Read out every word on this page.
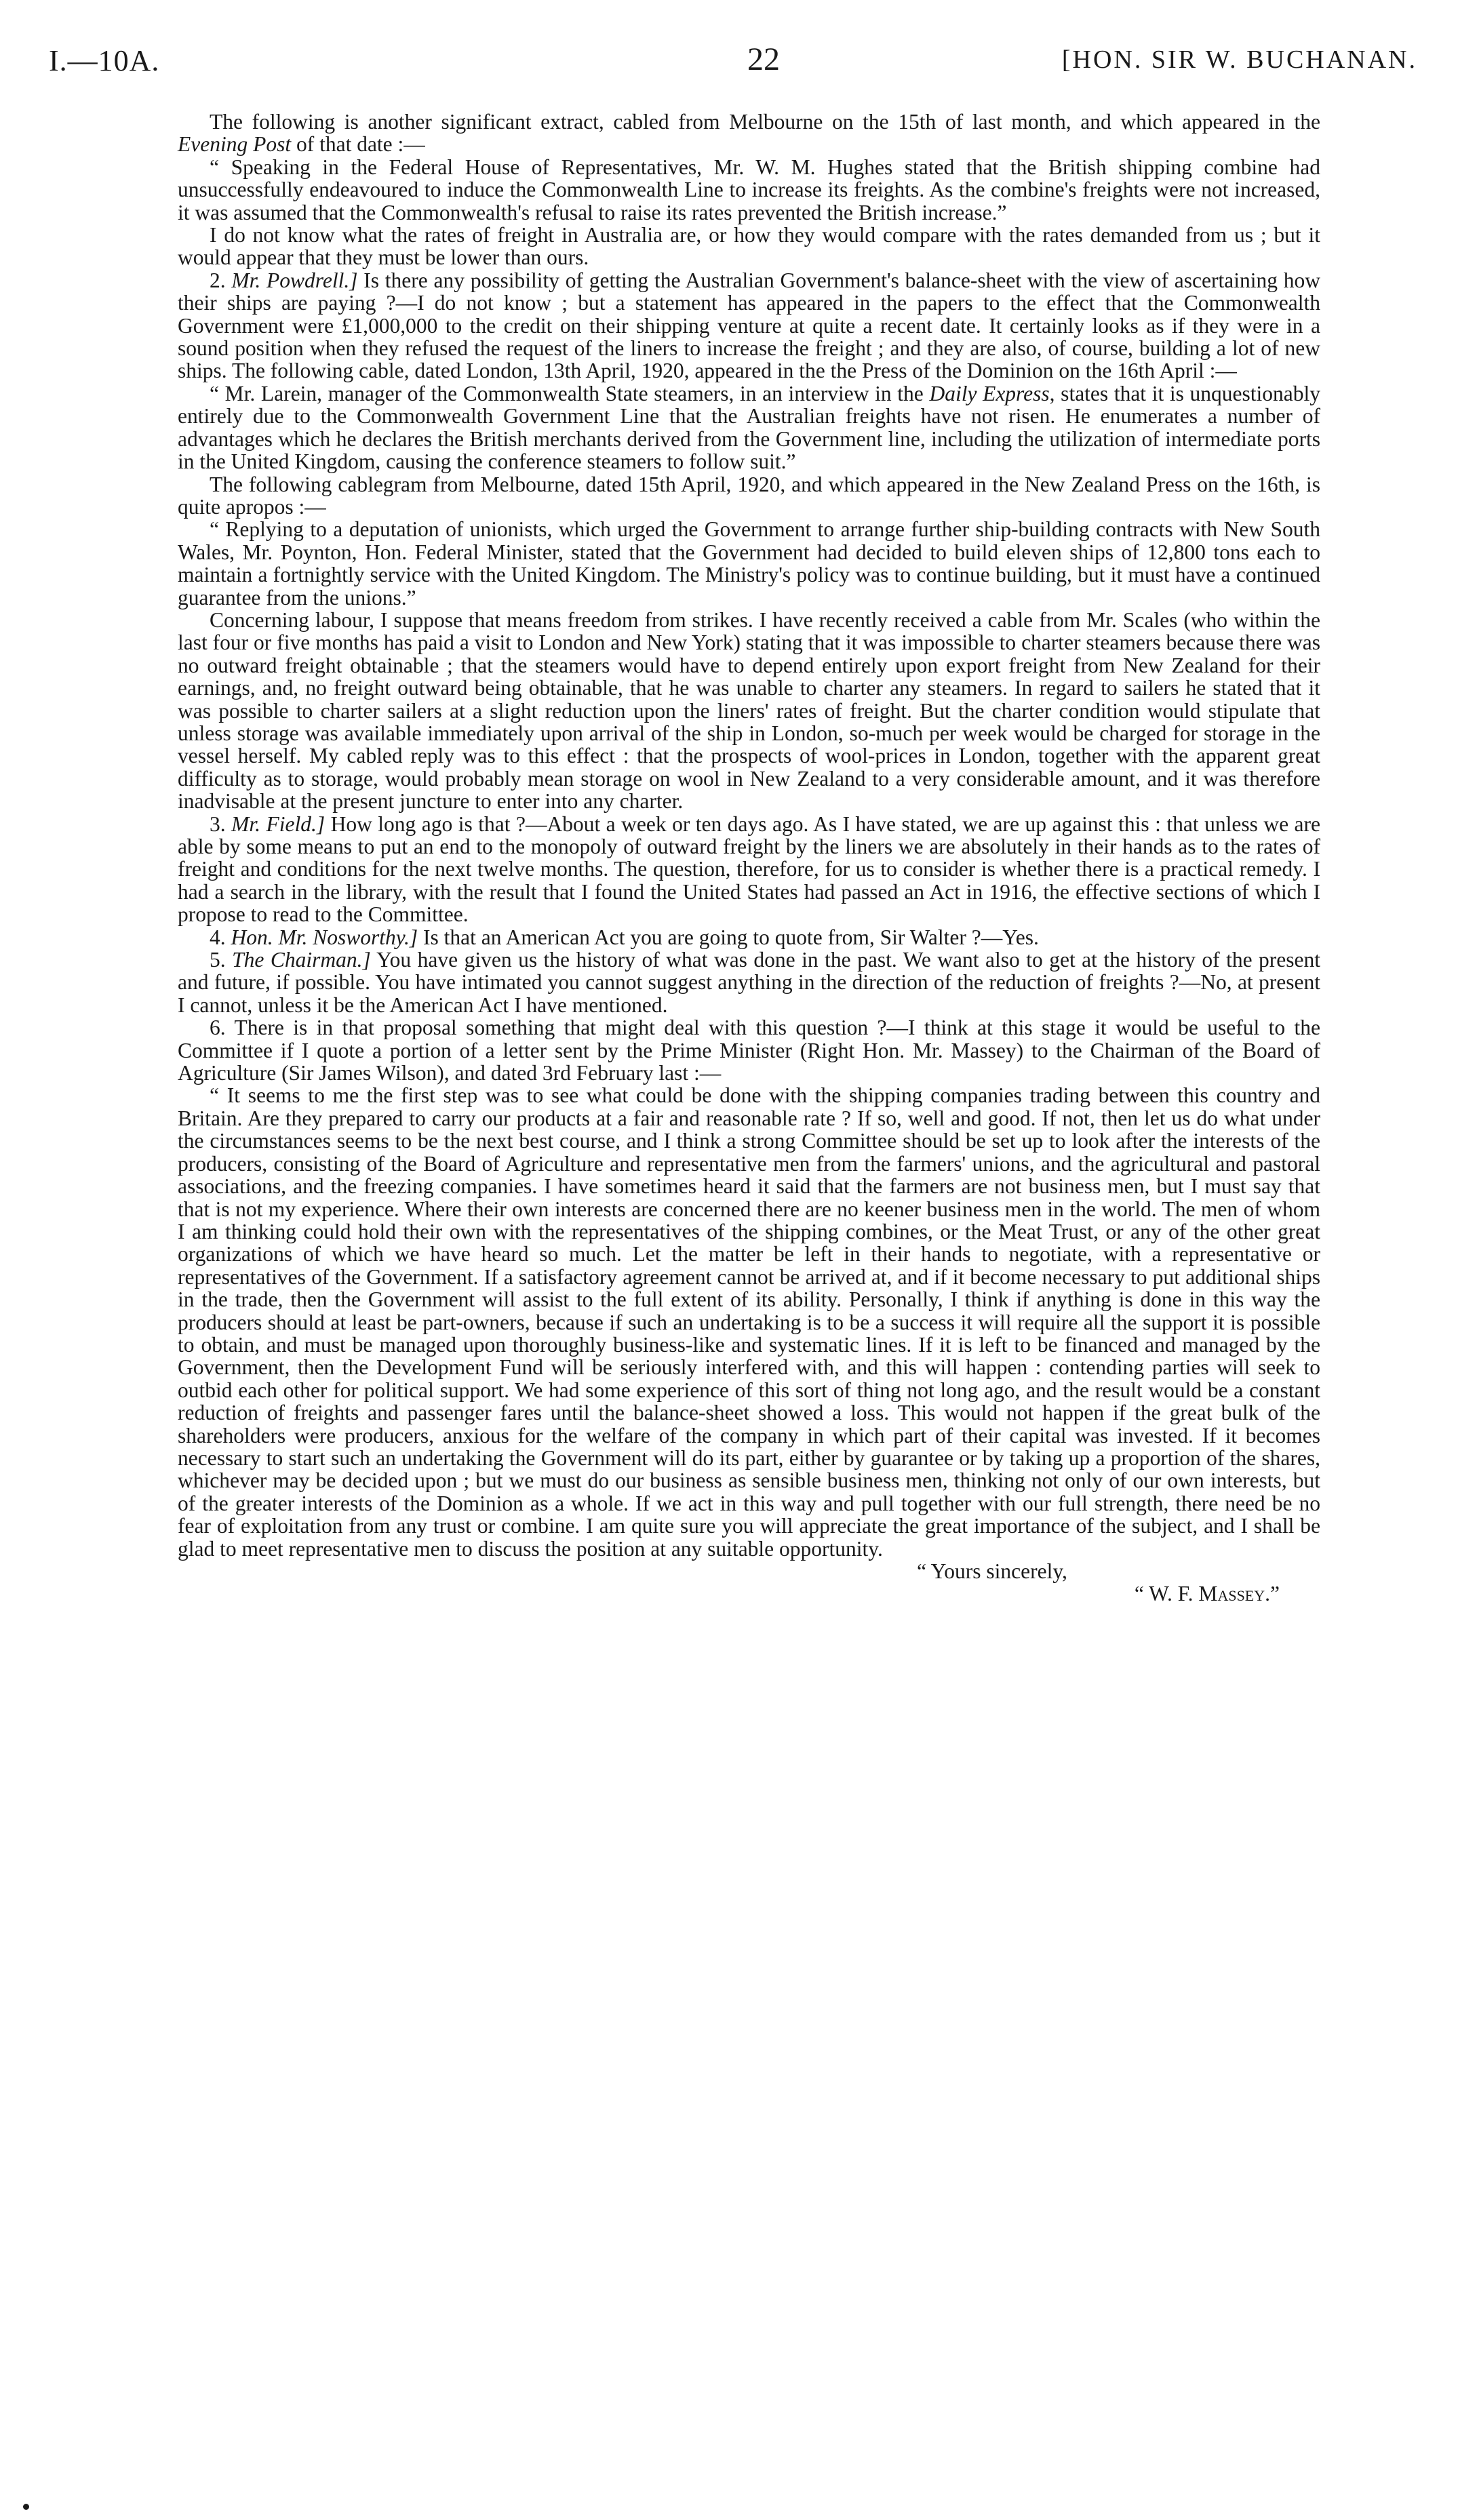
I.—10A.	22	[HON. SIR W. BUCHANAN.

The following is another significant extract, cabled from Melbourne on the 15th of last month, and which appeared in the Evening Post of that date :—

“ Speaking in the Federal House of Representatives, Mr. W. M. Hughes stated that the British shipping combine had unsuccessfully endeavoured to induce the Commonwealth Line to increase its freights. As the combine's freights were not increased, it was assumed that the Commonwealth's refusal to raise its rates prevented the British increase.”

I do not know what the rates of freight in Australia are, or how they would compare with the rates demanded from us ; but it would appear that they must be lower than ours.

2. Mr. Powdrell.] Is there any possibility of getting the Australian Government's balance-sheet with the view of ascertaining how their ships are paying ?—I do not know ; but a statement has appeared in the papers to the effect that the Commonwealth Government were £1,000,000 to the credit on their shipping venture at quite a recent date. It certainly looks as if they were in a sound position when they refused the request of the liners to increase the freight ; and they are also, of course, building a lot of new ships. The following cable, dated London, 13th April, 1920, appeared in the the Press of the Dominion on the 16th April :—

“ Mr. Larein, manager of the Commonwealth State steamers, in an interview in the Daily Express, states that it is unquestionably entirely due to the Commonwealth Government Line that the Australian freights have not risen. He enumerates a number of advantages which he declares the British merchants derived from the Government line, including the utilization of intermediate ports in the United Kingdom, causing the conference steamers to follow suit.”

The following cablegram from Melbourne, dated 15th April, 1920, and which appeared in the New Zealand Press on the 16th, is quite apropos :—

“ Replying to a deputation of unionists, which urged the Government to arrange further ship-building contracts with New South Wales, Mr. Poynton, Hon. Federal Minister, stated that the Government had decided to build eleven ships of 12,800 tons each to maintain a fortnightly service with the United Kingdom. The Ministry's policy was to continue building, but it must have a continued guarantee from the unions.”

Concerning labour, I suppose that means freedom from strikes. I have recently received a cable from Mr. Scales (who within the last four or five months has paid a visit to London and New York) stating that it was impossible to charter steamers because there was no outward freight obtainable ; that the steamers would have to depend entirely upon export freight from New Zealand for their earnings, and, no freight outward being obtainable, that he was unable to charter any steamers. In regard to sailers he stated that it was possible to charter sailers at a slight reduction upon the liners' rates of freight. But the charter condition would stipulate that unless storage was available immediately upon arrival of the ship in London, so-much per week would be charged for storage in the vessel herself. My cabled reply was to this effect : that the prospects of wool-prices in London, together with the apparent great difficulty as to storage, would probably mean storage on wool in New Zealand to a very considerable amount, and it was therefore inadvisable at the present juncture to enter into any charter.

3. Mr. Field.] How long ago is that ?—About a week or ten days ago. As I have stated, we are up against this : that unless we are able by some means to put an end to the monopoly of outward freight by the liners we are absolutely in their hands as to the rates of freight and conditions for the next twelve months. The question, therefore, for us to consider is whether there is a practical remedy. I had a search in the library, with the result that I found the United States had passed an Act in 1916, the effective sections of which I propose to read to the Committee.

4. Hon. Mr. Nosworthy.] Is that an American Act you are going to quote from, Sir Walter ?—Yes.

5. The Chairman.] You have given us the history of what was done in the past. We want also to get at the history of the present and future, if possible. You have intimated you cannot suggest anything in the direction of the reduction of freights ?—No, at present I cannot, unless it be the American Act I have mentioned.

6. There is in that proposal something that might deal with this question ?—I think at this stage it would be useful to the Committee if I quote a portion of a letter sent by the Prime Minister (Right Hon. Mr. Massey) to the Chairman of the Board of Agriculture (Sir James Wilson), and dated 3rd February last :—

“ It seems to me the first step was to see what could be done with the shipping companies trading between this country and Britain. Are they prepared to carry our products at a fair and reasonable rate ? If so, well and good. If not, then let us do what under the circumstances seems to be the next best course, and I think a strong Committee should be set up to look after the interests of the producers, consisting of the Board of Agriculture and representative men from the farmers' unions, and the agricultural and pastoral associations, and the freezing companies. I have sometimes heard it said that the farmers are not business men, but I must say that that is not my experience. Where their own interests are concerned there are no keener business men in the world. The men of whom I am thinking could hold their own with the representatives of the shipping combines, or the Meat Trust, or any of the other great organizations of which we have heard so much. Let the matter be left in their hands to negotiate, with a representative or representatives of the Government. If a satisfactory agreement cannot be arrived at, and if it become necessary to put additional ships in the trade, then the Government will assist to the full extent of its ability. Personally, I think if anything is done in this way the producers should at least be part-owners, because if such an undertaking is to be a success it will require all the support it is possible to obtain, and must be managed upon thoroughly business-like and systematic lines. If it is left to be financed and managed by the Government, then the Development Fund will be seriously interfered with, and this will happen : contending parties will seek to outbid each other for political support. We had some experience of this sort of thing not long ago, and the result would be a constant reduction of freights and passenger fares until the balance-sheet showed a loss. This would not happen if the great bulk of the shareholders were producers, anxious for the welfare of the company in which part of their capital was invested. If it becomes necessary to start such an undertaking the Government will do its part, either by guarantee or by taking up a proportion of the shares, whichever may be decided upon ; but we must do our business as sensible business men, thinking not only of our own interests, but of the greater interests of the Dominion as a whole. If we act in this way and pull together with our full strength, there need be no fear of exploitation from any trust or combine. I am quite sure you will appreciate the great importance of the subject, and I shall be glad to meet representative men to discuss the position at any suitable opportunity.

“ Yours sincerely,
“ W. F. Massey.”
